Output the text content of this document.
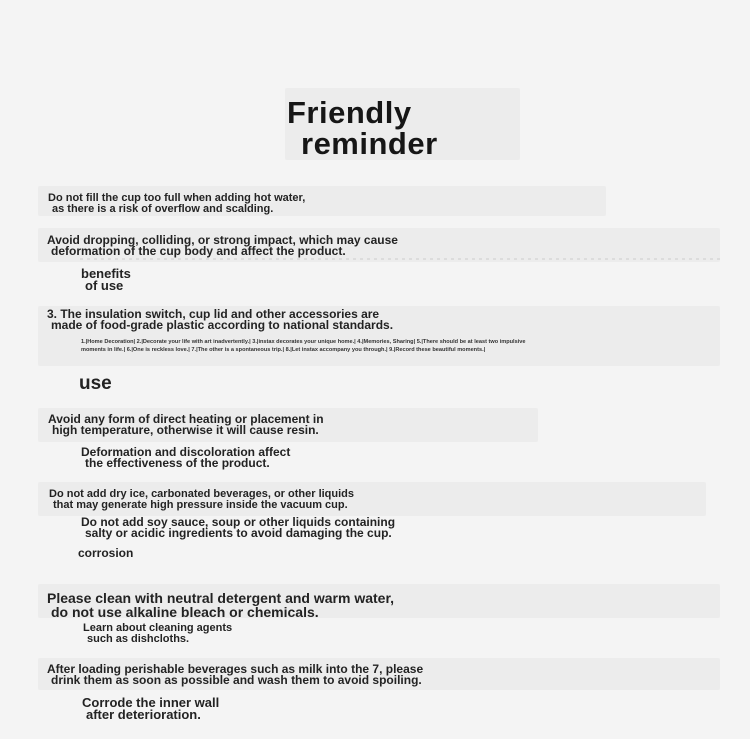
Friendly
reminder
Do not fill the cup too full when adding hot water,
as there is a risk of overflow and scalding.
Avoid dropping, colliding, or strong impact, which may cause
deformation of the cup body and affect the product.
benefits
of use
3. The insulation switch, cup lid and other accessories are
made of food-grade plastic according to national standards.
1.|Home Decoration| 2.|Decorate your life with art inadvertently.| 3.|instax decorates your unique home.| 4.|Memories, Sharing| 5.|There should be at least two impulsive
moments in life.| 6.|One is reckless love.| 7.|The other is a spontaneous trip.| 8.|Let instax accompany you through.| 9.|Record these beautiful moments.|
use
Avoid any form of direct heating or placement in
high temperature, otherwise it will cause resin.
Deformation and discoloration affect
the effectiveness of the product.
Do not add dry ice, carbonated beverages, or other liquids
that may generate high pressure inside the vacuum cup.
Do not add soy sauce, soup or other liquids containing
salty or acidic ingredients to avoid damaging the cup.
corrosion
Please clean with neutral detergent and warm water,
do not use alkaline bleach or chemicals.
Learn about cleaning agents
such as dishcloths.
After loading perishable beverages such as milk into the 7, please
drink them as soon as possible and wash them to avoid spoiling.
Corrode the inner wall
after deterioration.
